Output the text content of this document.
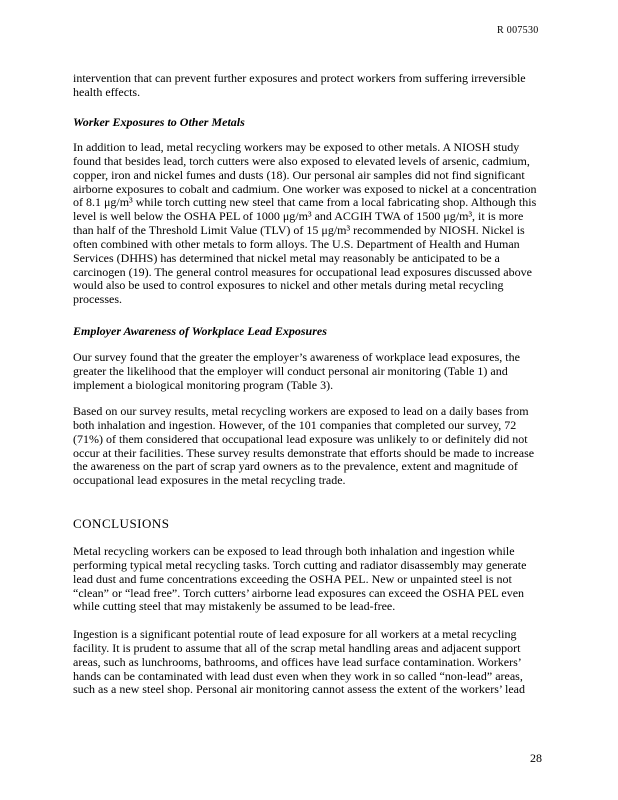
R 007530
intervention that can prevent further exposures and protect workers from suffering irreversible
health effects.
Worker Exposures to Other Metals
In addition to lead, metal recycling workers may be exposed to other metals. A NIOSH study
found that besides lead, torch cutters were also exposed to elevated levels of arsenic, cadmium,
copper, iron and nickel fumes and dusts (18). Our personal air samples did not find significant
airborne exposures to cobalt and cadmium. One worker was exposed to nickel at a concentration
of 8.1 μg/m³ while torch cutting new steel that came from a local fabricating shop. Although this
level is well below the OSHA PEL of 1000 μg/m³ and ACGIH TWA of 1500 μg/m³, it is more
than half of the Threshold Limit Value (TLV) of 15 μg/m³ recommended by NIOSH. Nickel is
often combined with other metals to form alloys. The U.S. Department of Health and Human
Services (DHHS) has determined that nickel metal may reasonably be anticipated to be a
carcinogen (19). The general control measures for occupational lead exposures discussed above
would also be used to control exposures to nickel and other metals during metal recycling
processes.
Employer Awareness of Workplace Lead Exposures
Our survey found that the greater the employer’s awareness of workplace lead exposures, the
greater the likelihood that the employer will conduct personal air monitoring (Table 1) and
implement a biological monitoring program (Table 3).
Based on our survey results, metal recycling workers are exposed to lead on a daily bases from
both inhalation and ingestion. However, of the 101 companies that completed our survey, 72
(71%) of them considered that occupational lead exposure was unlikely to or definitely did not
occur at their facilities. These survey results demonstrate that efforts should be made to increase
the awareness on the part of scrap yard owners as to the prevalence, extent and magnitude of
occupational lead exposures in the metal recycling trade.
CONCLUSIONS
Metal recycling workers can be exposed to lead through both inhalation and ingestion while
performing typical metal recycling tasks. Torch cutting and radiator disassembly may generate
lead dust and fume concentrations exceeding the OSHA PEL. New or unpainted steel is not
“clean” or “lead free”. Torch cutters’ airborne lead exposures can exceed the OSHA PEL even
while cutting steel that may mistakenly be assumed to be lead-free.
Ingestion is a significant potential route of lead exposure for all workers at a metal recycling
facility. It is prudent to assume that all of the scrap metal handling areas and adjacent support
areas, such as lunchrooms, bathrooms, and offices have lead surface contamination. Workers’
hands can be contaminated with lead dust even when they work in so called “non-lead” areas,
such as a new steel shop. Personal air monitoring cannot assess the extent of the workers’ lead
28
